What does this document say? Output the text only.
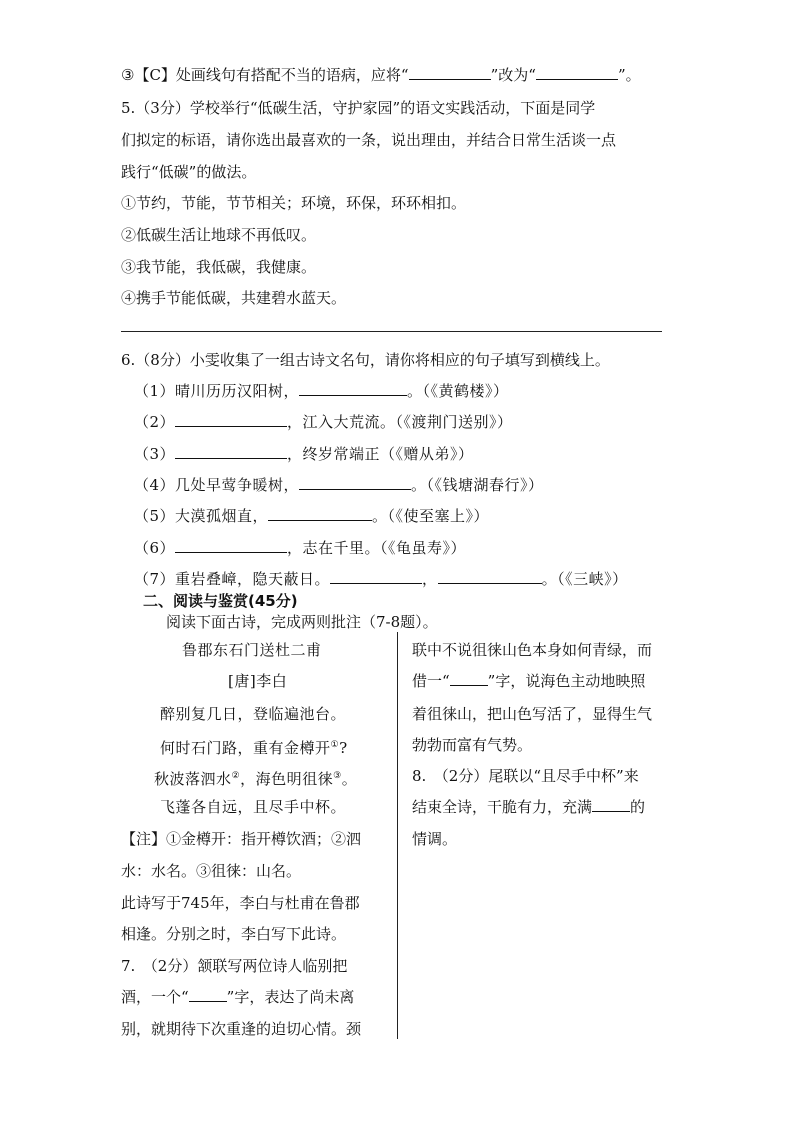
③【C】处画线句有搭配不当的语病，应将“	”改为“	”。
5.（3分）学校举行“低碳生活，守护家园”的语文实践活动，下面是同学
们拟定的标语，请你选出最喜欢的一条，说出理由，并结合日常生活谈一点
践行“低碳”的做法。
①节约，节能，节节相关；环境，环保，环环相扣。
②低碳生活让地球不再低叹。
③我节能，我低碳，我健康。
④携手节能低碳，共建碧水蓝天。
6.（8分）小雯收集了一组古诗文名句，请你将相应的句子填写到横线上。
（1）晴川历历汉阳树，	。（《黄鹤楼》）
（2）	，江入大荒流。（《渡荆门送别》）
（3）	，终岁常端正（《赠从弟》）
（4）几处早莺争暖树，	。（《钱塘湖春行》）
（5）大漠孤烟直，	。（《使至塞上》）
（6）	，志在千里。（《龟虽寿》）
（7）重岩叠嶂，隐天蔽日。	，	。（《三峡》）
二、阅读与鉴赏(45分)
阅读下面古诗，完成两则批注（7-8题）。
鲁郡东石门送杜二甫
[唐]李白
醉别复几日，登临遍池台。
何时石门路，重有金樽开①?
秋波落泗水②，海色明徂徕③。
飞蓬各自远，且尽手中杯。
【注】①金樽开：指开樽饮酒；②泗
水：水名。③徂徕：山名。
此诗写于745年，李白与杜甫在鲁郡
相逢。分别之时，李白写下此诗。
7.　（2分）颔联写两位诗人临别把
酒，一个“	”字，表达了尚未离
别，就期待下次重逢的迫切心情。颈
联中不说徂徕山色本身如何青绿，而
借一“	”字，说海色主动地映照
着徂徕山，把山色写活了，显得生气
勃勃而富有气势。
8.　（2分）尾联以“且尽手中杯”来
结束全诗，干脆有力，充满	的
情调。
